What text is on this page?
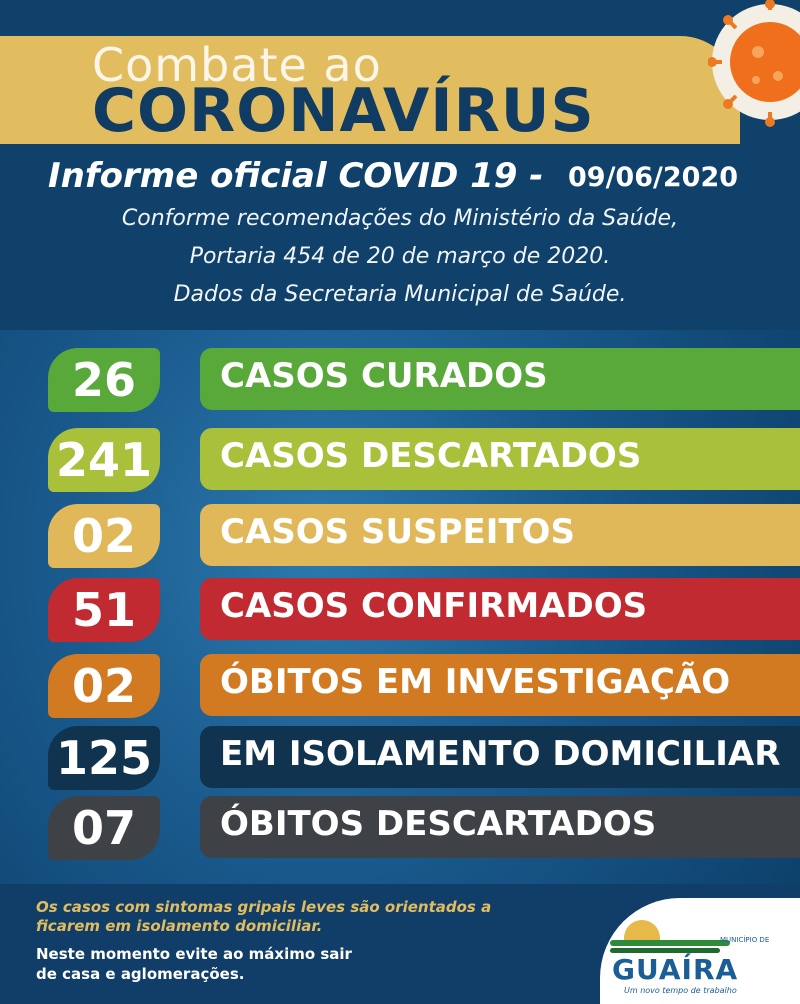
Combate ao
CORONAVÍRUS
Informe oficial COVID 19 - 09/06/2020
Conforme recomendações do Ministério da Saúde,
Portaria 454 de 20 de março de 2020.
Dados da Secretaria Municipal de Saúde.
26	CASOS CURADOS
241 CASOS DESCARTADOS
02	CASOS SUSPEITOS
51	CASOS CONFIRMADOS
02	ÓBITOS EM INVESTIGAÇÃO
125 EM ISOLAMENTO DOMICILIAR
07	ÓBITOS DESCARTADOS
Os casos com sintomas gripais leves são orientados a ficarem em isolamento domiciliar.
Neste momento evite ao máximo sair de casa e aglomerações.
MUNICÍPIO DE
GUAÍRA
Um novo tempo de trabalho
